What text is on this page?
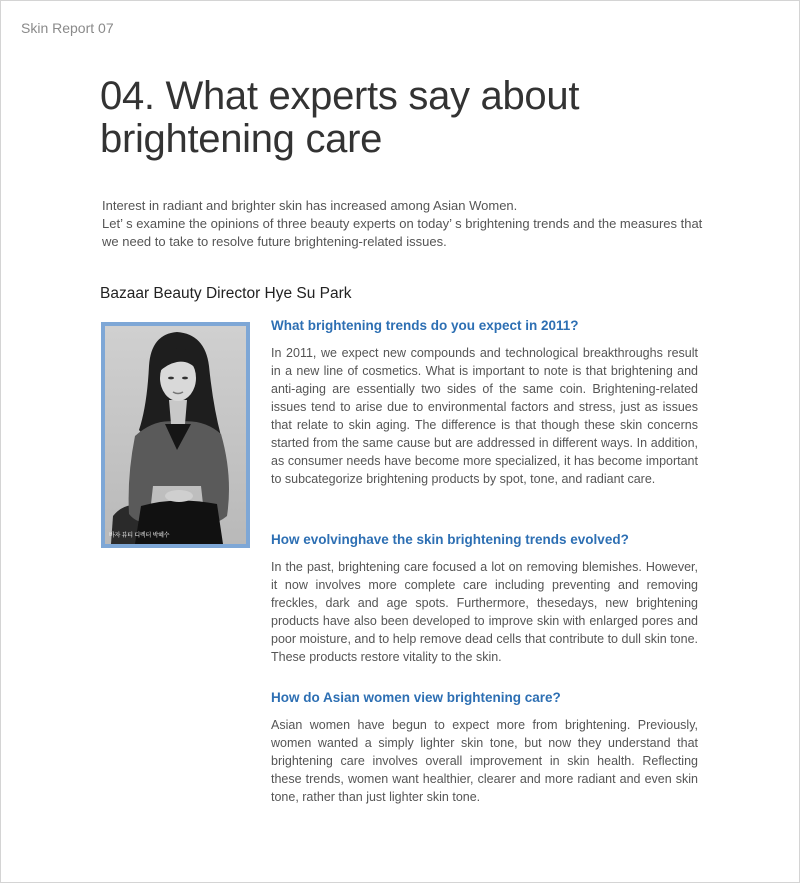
Skin Report 07
04. What experts say about brightening care

Interest in radiant and brighter skin has increased among Asian Women.

Let’ s examine the opinions of three beauty experts on today’ s brightening trends and the measures that we need to take to resolve future brightening-related issues.

Bazaar Beauty Director Hye Su Park
바자 뷰티 디렉터 박혜수
What brightening trends do you expect in 2011?

In 2011, we expect new compounds and technological breakthroughs result in a new line of cosmetics. What is important to note is that brightening and anti-aging are essentially two sides of the same coin. Brightening-related issues tend to arise due to environmental factors and stress, just as issues that relate to skin aging. The difference is that though these skin concerns started from the same cause but are addressed in different ways. In addition, as consumer needs have become more specialized, it has become important to subcategorize brightening products by spot, tone, and radiant care.

How evolvinghave the skin brightening trends evolved?

In the past, brightening care focused a lot on removing blemishes. However, it now involves more complete care including preventing and removing freckles, dark and age spots. Furthermore, thesedays, new brightening products have also been developed to improve skin with enlarged pores and poor moisture, and to help remove dead cells that contribute to dull skin tone. These products restore vitality to the skin.

How do Asian women view brightening care?

Asian women have begun to expect more from brightening. Previously, women wanted a simply lighter skin tone, but now they understand that brightening care involves overall improvement in skin health. Reflecting these trends, women want healthier, clearer and more radiant and even skin tone, rather than just lighter skin tone.
